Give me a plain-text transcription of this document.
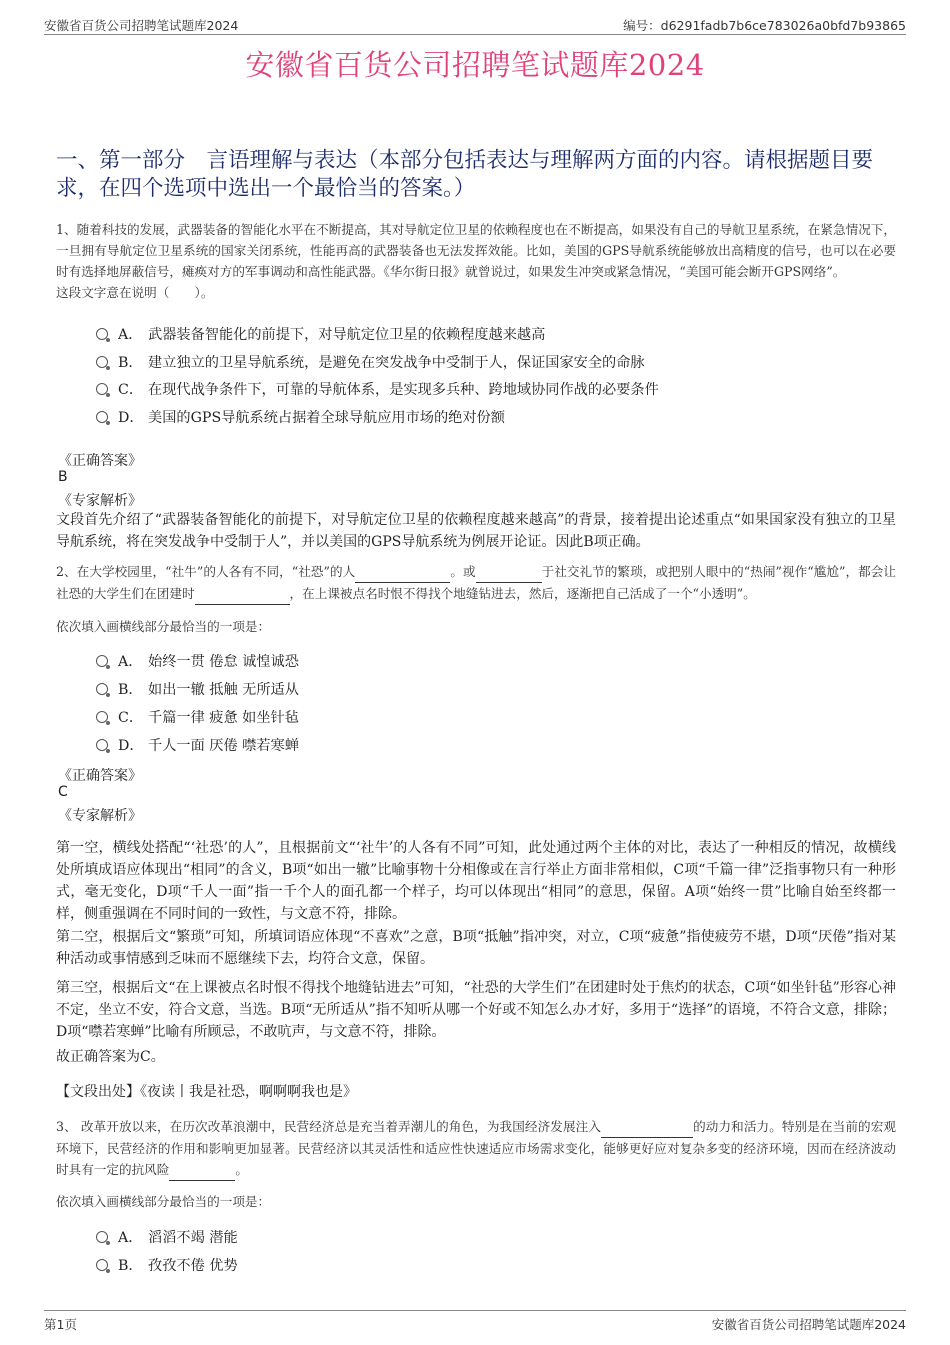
安徽省百货公司招聘笔试题库2024	编号：d6291fadb7b6ce783026a0bfd7b93865
安徽省百货公司招聘笔试题库2024
一、第一部分　言语理解与表达（本部分包括表达与理解两方面的内容。请根据题目要求，在四个选项中选出一个最恰当的答案。）

1、随着科技的发展，武器装备的智能化水平在不断提高，其对导航定位卫星的依赖程度也在不断提高，如果没有自己的导航卫星系统，在紧急情况下，一旦拥有导航定位卫星系统的国家关闭系统，性能再高的武器装备也无法发挥效能。比如，美国的GPS导航系统能够放出高精度的信号，也可以在必要时有选择地屏蔽信号，瘫痪对方的军事调动和高性能武器。《华尔街日报》就曾说过，如果发生冲突或紧急情况，“美国可能会断开GPS网络”。

这段文字意在说明（　　）。

A． 武器装备智能化的前提下，对导航定位卫星的依赖程度越来越高
B． 建立独立的卫星导航系统，是避免在突发战争中受制于人，保证国家安全的命脉
C． 在现代战争条件下，可靠的导航体系，是实现多兵种、跨地域协同作战的必要条件
D． 美国的GPS导航系统占据着全球导航应用市场的绝对份额
《正确答案》
B
《专家解析》

文段首先介绍了“武器装备智能化的前提下，对导航定位卫星的依赖程度越来越高”的背景，接着提出论述重点“如果国家没有独立的卫星导航系统，将在突发战争中受制于人”，并以美国的GPS导航系统为例展开论证。因此B项正确。

2、在大学校园里，“社牛”的人各有不同，“社恐”的人	。或	于社交礼节的繁琐，或把别人眼中的“热闹”视作“尴尬”，都会让社恐的大学生们在团建时	，在上课被点名时恨不得找个地缝钻进去，然后，逐渐把自己活成了一个“小透明”。

依次填入画横线部分最恰当的一项是：

A． 始终一贯 倦怠 诚惶诚恐
B． 如出一辙 抵触 无所适从
C． 千篇一律 疲惫 如坐针毡
D． 千人一面 厌倦 噤若寒蝉
《正确答案》
C
《专家解析》

第一空，横线处搭配“‘社恐’的人”，且根据前文“‘社牛’的人各有不同”可知，此处通过两个主体的对比，表达了一种相反的情况，故横线处所填成语应体现出“相同”的含义，B项“如出一辙”比喻事物十分相像或在言行举止方面非常相似，C项“千篇一律”泛指事物只有一种形式，毫无变化，D项“千人一面”指一千个人的面孔都一个样子，均可以体现出“相同”的意思，保留。A项“始终一贯”比喻自始至终都一样，侧重强调在不同时间的一致性，与文意不符，排除。

第二空，根据后文“繁琐”可知，所填词语应体现“不喜欢”之意，B项“抵触”指冲突，对立，C项“疲惫”指使疲劳不堪，D项“厌倦”指对某种活动或事情感到乏味而不愿继续下去，均符合文意，保留。

第三空，根据后文“在上课被点名时恨不得找个地缝钻进去”可知，“社恐的大学生们”在团建时处于焦灼的状态，C项“如坐针毡”形容心神不定，坐立不安，符合文意，当选。B项“无所适从”指不知听从哪一个好或不知怎么办才好，多用于“选择”的语境，不符合文意，排除；D项“噤若寒蝉”比喻有所顾忌，不敢吭声，与文意不符，排除。

故正确答案为C。

【文段出处】《夜读丨我是社恐，啊啊啊我也是》

3、 改革开放以来，在历次改革浪潮中，民营经济总是充当着弄潮儿的角色，为我国经济发展注入	的动力和活力。特别是在当前的宏观环境下，民营经济的作用和影响更加显著。民营经济以其灵活性和适应性快速适应市场需求变化，能够更好应对复杂多变的经济环境，因而在经济波动时具有一定的抗风险	。

依次填入画横线部分最恰当的一项是：

A． 滔滔不竭 潜能
B． 孜孜不倦 优势
第1页	安徽省百货公司招聘笔试题库2024
